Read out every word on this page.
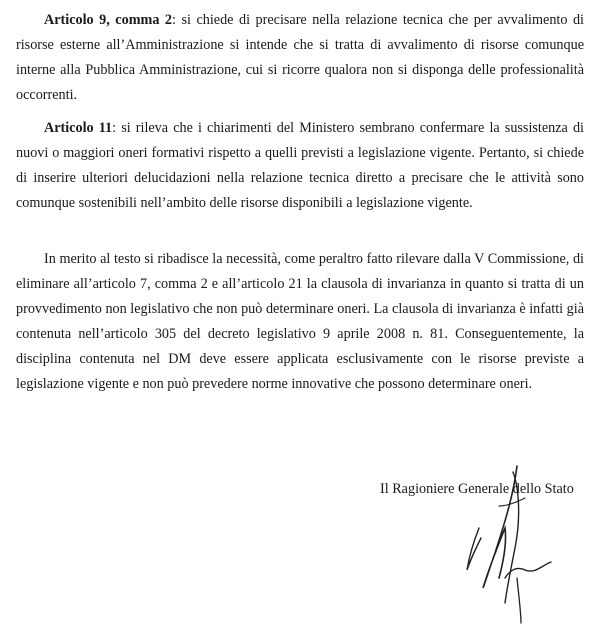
Articolo 9, comma 2: si chiede di precisare nella relazione tecnica che per avvalimento di risorse esterne all’Amministrazione si intende che si tratta di avvalimento di risorse comunque interne alla Pubblica Amministrazione, cui si ricorre qualora non si disponga delle professionalità occorrenti.

Articolo 11: si rileva che i chiarimenti del Ministero sembrano confermare la sussistenza di nuovi o maggiori oneri formativi rispetto a quelli previsti a legislazione vigente. Pertanto, si chiede di inserire ulteriori delucidazioni nella relazione tecnica diretto a precisare che le attività sono comunque sostenibili nell’ambito delle risorse disponibili a legislazione vigente.

In merito al testo si ribadisce la necessità, come peraltro fatto rilevare dalla V Commissione, di eliminare all’articolo 7, comma 2 e all’articolo 21 la clausola di invarianza in quanto si tratta di un provvedimento non legislativo che non può determinare oneri. La clausola di invarianza è infatti già contenuta nell’articolo 305 del decreto legislativo 9 aprile 2008 n. 81. Conseguentemente, la disciplina contenuta nel DM deve essere applicata esclusivamente con le risorse previste a legislazione vigente e non può prevedere norme innovative che possono determinare oneri.

Il Ragioniere Generale dello Stato
